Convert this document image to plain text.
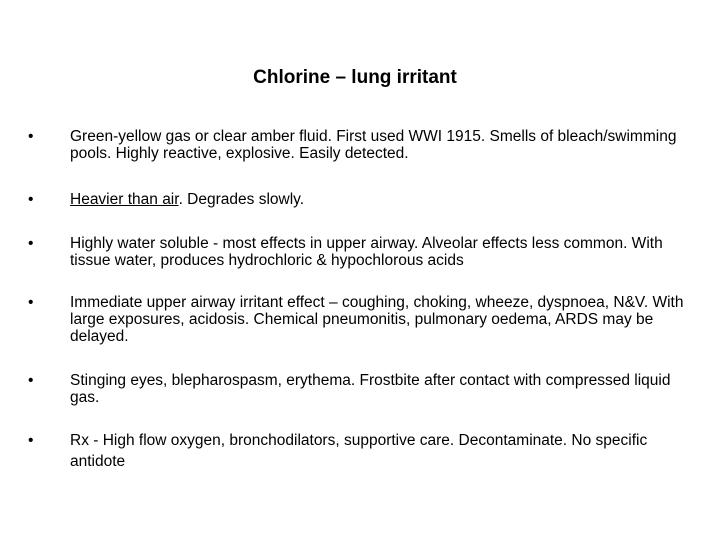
Chlorine – lung irritant
•	Green-yellow gas or clear amber fluid. First used WWI 1915. Smells of bleach/swimming pools. Highly reactive, explosive. Easily detected.
•	Heavier than air. Degrades slowly.
•	Highly water soluble - most effects in upper airway. Alveolar effects less common. With tissue water, produces hydrochloric & hypochlorous acids
•	Immediate upper airway irritant effect – coughing, choking, wheeze, dyspnoea, N&V. With large exposures, acidosis. Chemical pneumonitis, pulmonary oedema, ARDS may be delayed.
•	Stinging eyes, blepharospasm, erythema. Frostbite after contact with compressed liquid gas.
•	Rx - High flow oxygen, bronchodilators, supportive care. Decontaminate. No specific antidote
